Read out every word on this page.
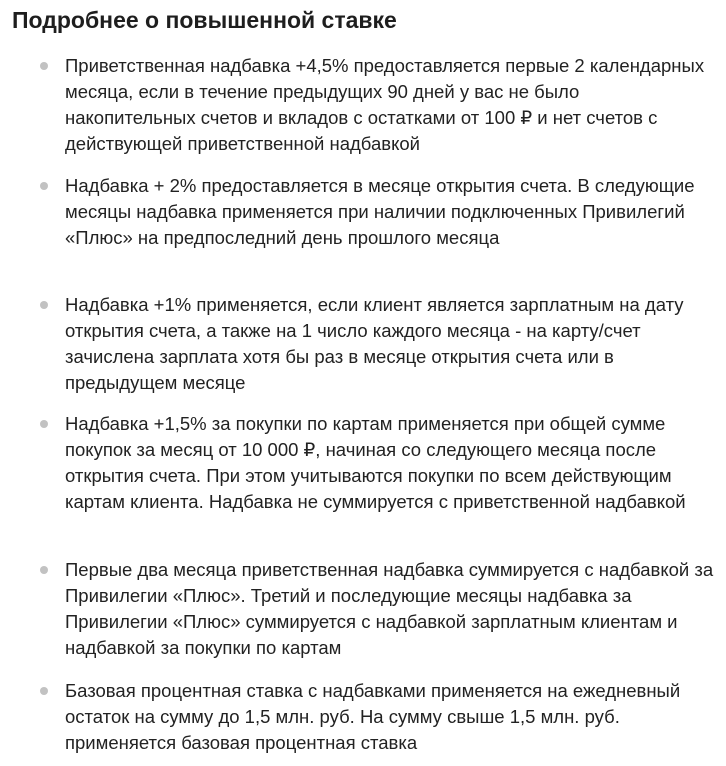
Подробнее о повышенной ставке

Приветственная надбавка +4,5% предоставляется первые 2 календарных месяца, если в течение предыдущих 90 дней у вас не было накопительных счетов и вкладов с остатками от 100 ₽ и нет счетов с действующей приветственной надбавкой

Надбавка + 2% предоставляется в месяце открытия счета. В следующие месяцы надбавка применяется при наличии подключенных Привилегий «Плюс» на предпоследний день прошлого месяца

Надбавка +1% применяется, если клиент является зарплатным на дату открытия счета, а также на 1 число каждого месяца - на карту/счет зачислена зарплата хотя бы раз в месяце открытия счета или в предыдущем месяце

Надбавка +1,5% за покупки по картам применяется при общей сумме покупок за месяц от 10 000 ₽, начиная со следующего месяца после открытия счета. При этом учитываются покупки по всем действующим картам клиента. Надбавка не суммируется с приветственной надбавкой

Первые два месяца приветственная надбавка суммируется с надбавкой за Привилегии «Плюс». Третий и последующие месяцы надбавка за Привилегии «Плюс» суммируется с надбавкой зарплатным клиентам и надбавкой за покупки по картам

Базовая процентная ставка с надбавками применяется на ежедневный остаток на сумму до 1,5 млн. руб. На сумму свыше 1,5 млн. руб. применяется базовая процентная ставка
